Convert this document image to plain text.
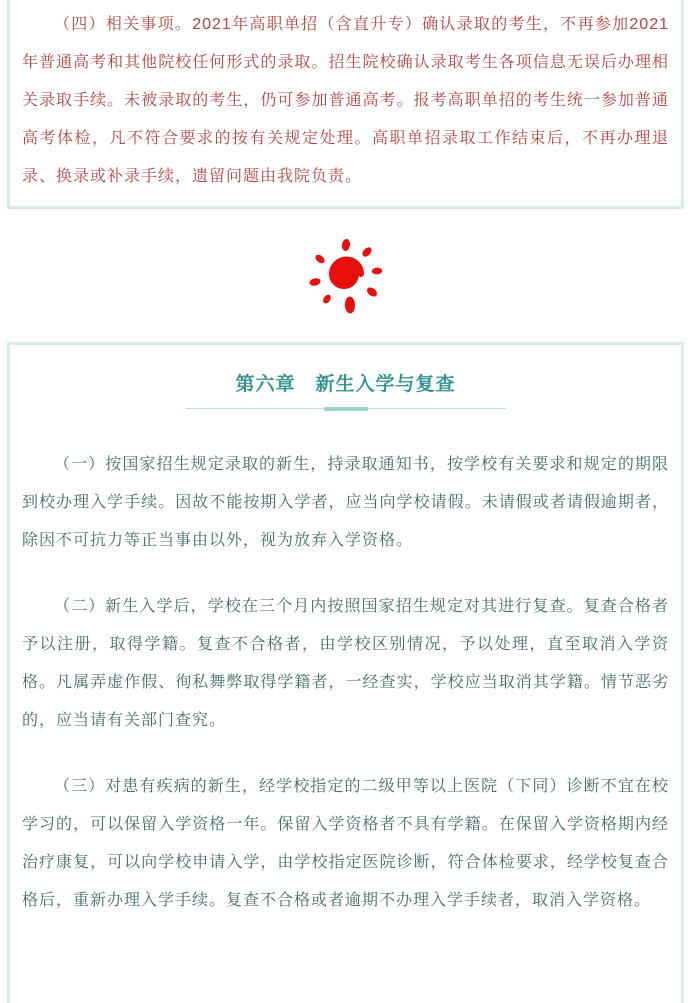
（四）相关事项。2021年高职单招（含直升专）确认录取的考生，不再参加2021年普通高考和其他院校任何形式的录取。招生院校确认录取考生各项信息无误后办理相关录取手续。未被录取的考生，仍可参加普通高考。报考高职单招的考生统一参加普通高考体检，凡不符合要求的按有关规定处理。高职单招录取工作结束后，不再办理退录、换录或补录手续，遗留问题由我院负责。

第六章　新生入学与复查

（一）按国家招生规定录取的新生，持录取通知书，按学校有关要求和规定的期限到校办理入学手续。因故不能按期入学者，应当向学校请假。未请假或者请假逾期者，除因不可抗力等正当事由以外，视为放弃入学资格。

（二）新生入学后，学校在三个月内按照国家招生规定对其进行复查。复查合格者予以注册，取得学籍。复查不合格者，由学校区别情况，予以处理，直至取消入学资格。凡属弄虚作假、徇私舞弊取得学籍者，一经查实，学校应当取消其学籍。情节恶劣的，应当请有关部门查究。

（三）对患有疾病的新生，经学校指定的二级甲等以上医院（下同）诊断不宜在校学习的，可以保留入学资格一年。保留入学资格者不具有学籍。在保留入学资格期内经治疗康复，可以向学校申请入学，由学校指定医院诊断，符合体检要求，经学校复查合格后，重新办理入学手续。复查不合格或者逾期不办理入学手续者，取消入学资格。
